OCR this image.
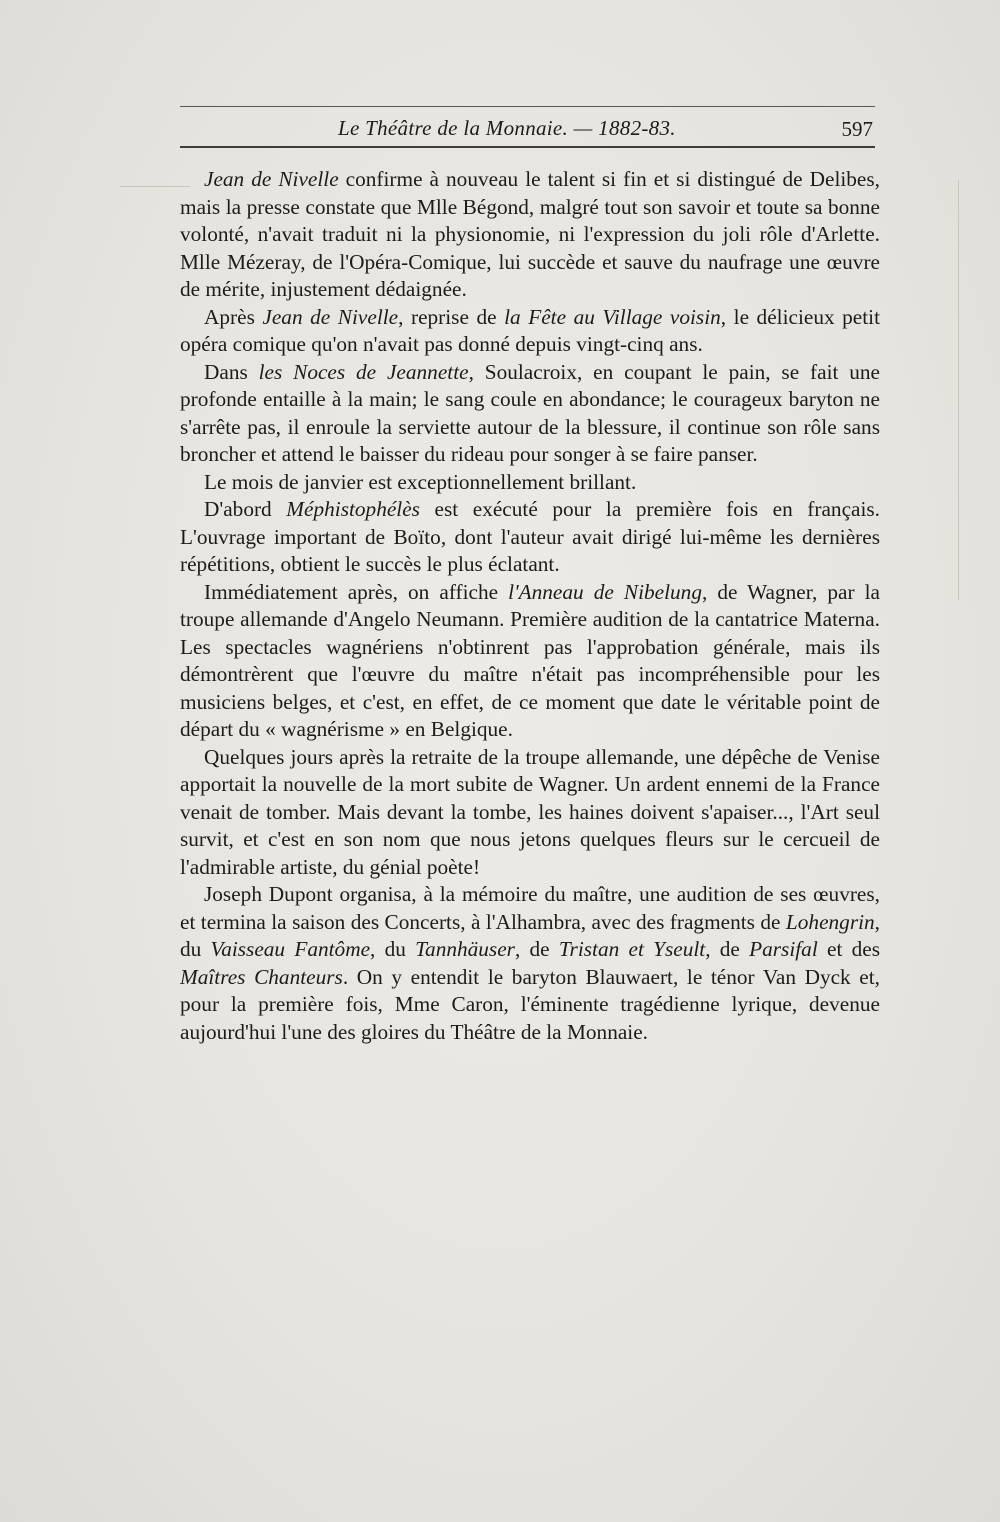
Le Théâtre de la Monnaie. — 1882-83.	597

Jean de Nivelle confirme à nouveau le talent si fin et si distingué de Delibes, mais la presse constate que Mlle Bégond, malgré tout son savoir et toute sa bonne volonté, n'avait traduit ni la physionomie, ni l'expression du joli rôle d'Arlette. Mlle Mézeray, de l'Opéra-Comique, lui succède et sauve du naufrage une œuvre de mérite, injustement dédaignée.

Après Jean de Nivelle, reprise de la Fête au Village voisin, le délicieux petit opéra comique qu'on n'avait pas donné depuis vingt-cinq ans.

Dans les Noces de Jeannette, Soulacroix, en coupant le pain, se fait une profonde entaille à la main; le sang coule en abondance; le courageux baryton ne s'arrête pas, il enroule la serviette autour de la blessure, il continue son rôle sans broncher et attend le baisser du rideau pour songer à se faire panser.

Le mois de janvier est exceptionnellement brillant.

D'abord Méphistophélès est exécuté pour la première fois en français. L'ouvrage important de Boïto, dont l'auteur avait dirigé lui-même les dernières répétitions, obtient le succès le plus éclatant.

Immédiatement après, on affiche l'Anneau de Nibelung, de Wagner, par la troupe allemande d'Angelo Neumann. Première audition de la cantatrice Materna. Les spectacles wagnériens n'obtinrent pas l'approbation générale, mais ils démontrèrent que l'œuvre du maître n'était pas incompréhensible pour les musiciens belges, et c'est, en effet, de ce moment que date le véritable point de départ du « wagnérisme » en Belgique.

Quelques jours après la retraite de la troupe allemande, une dépêche de Venise apportait la nouvelle de la mort subite de Wagner. Un ardent ennemi de la France venait de tomber. Mais devant la tombe, les haines doivent s'apaiser..., l'Art seul survit, et c'est en son nom que nous jetons quelques fleurs sur le cercueil de l'admirable artiste, du génial poète!

Joseph Dupont organisa, à la mémoire du maître, une audition de ses œuvres, et termina la saison des Concerts, à l'Alhambra, avec des fragments de Lohengrin, du Vaisseau Fantôme, du Tannhäuser, de Tristan et Yseult, de Parsifal et des Maîtres Chanteurs. On y entendit le baryton Blauwaert, le ténor Van Dyck et, pour la première fois, Mme Caron, l'éminente tragédienne lyrique, devenue aujourd'hui l'une des gloires du Théâtre de la Monnaie.
